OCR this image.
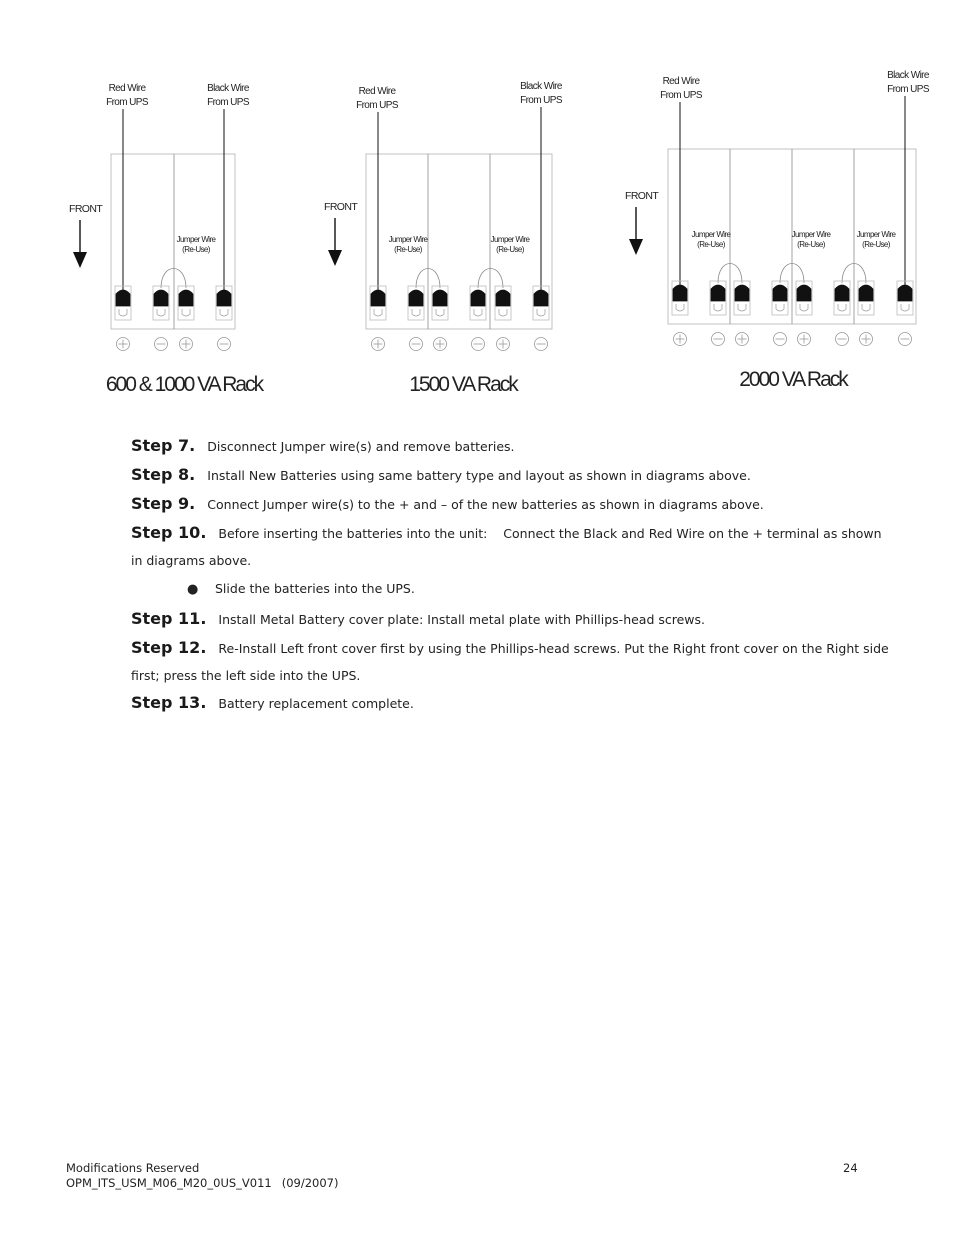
FRONT
Red Wire
From UPS
Black Wire
From UPS
Jumper Wire
(Re-Use)
600 & 1000 VA Rack
FRONT
Red Wire
From UPS
Black Wire
From UPS
Jumper Wire
(Re-Use)
Jumper Wire
(Re-Use)
1500 VA Rack
FRONT
Red Wire
From UPS
Black Wire
From UPS
Jumper Wire
(Re-Use)
Jumper Wire
(Re-Use)
Jumper Wire
(Re-Use)
2000 VA Rack
Step 7. Disconnect Jumper wire(s) and remove batteries.
Step 8. Install New Batteries using same battery type and layout as shown in diagrams above.
Step 9. Connect Jumper wire(s) to the + and – of the new batteries as shown in diagrams above.
Step 10. Before inserting the batteries into the unit:    Connect the Black and Red Wire on the + terminal as shown in diagrams above.
● Slide the batteries into the UPS.
Step 11. Install Metal Battery cover plate: Install metal plate with Phillips-head screws.
Step 12. Re-Install Left front cover first by using the Phillips-head screws. Put the Right front cover on the Right side first; press the left side into the UPS.
Step 13. Battery replacement complete.
Modifications Reserved
OPM_ITS_USM_M06_M20_0US_V011 (09/2007)
24
